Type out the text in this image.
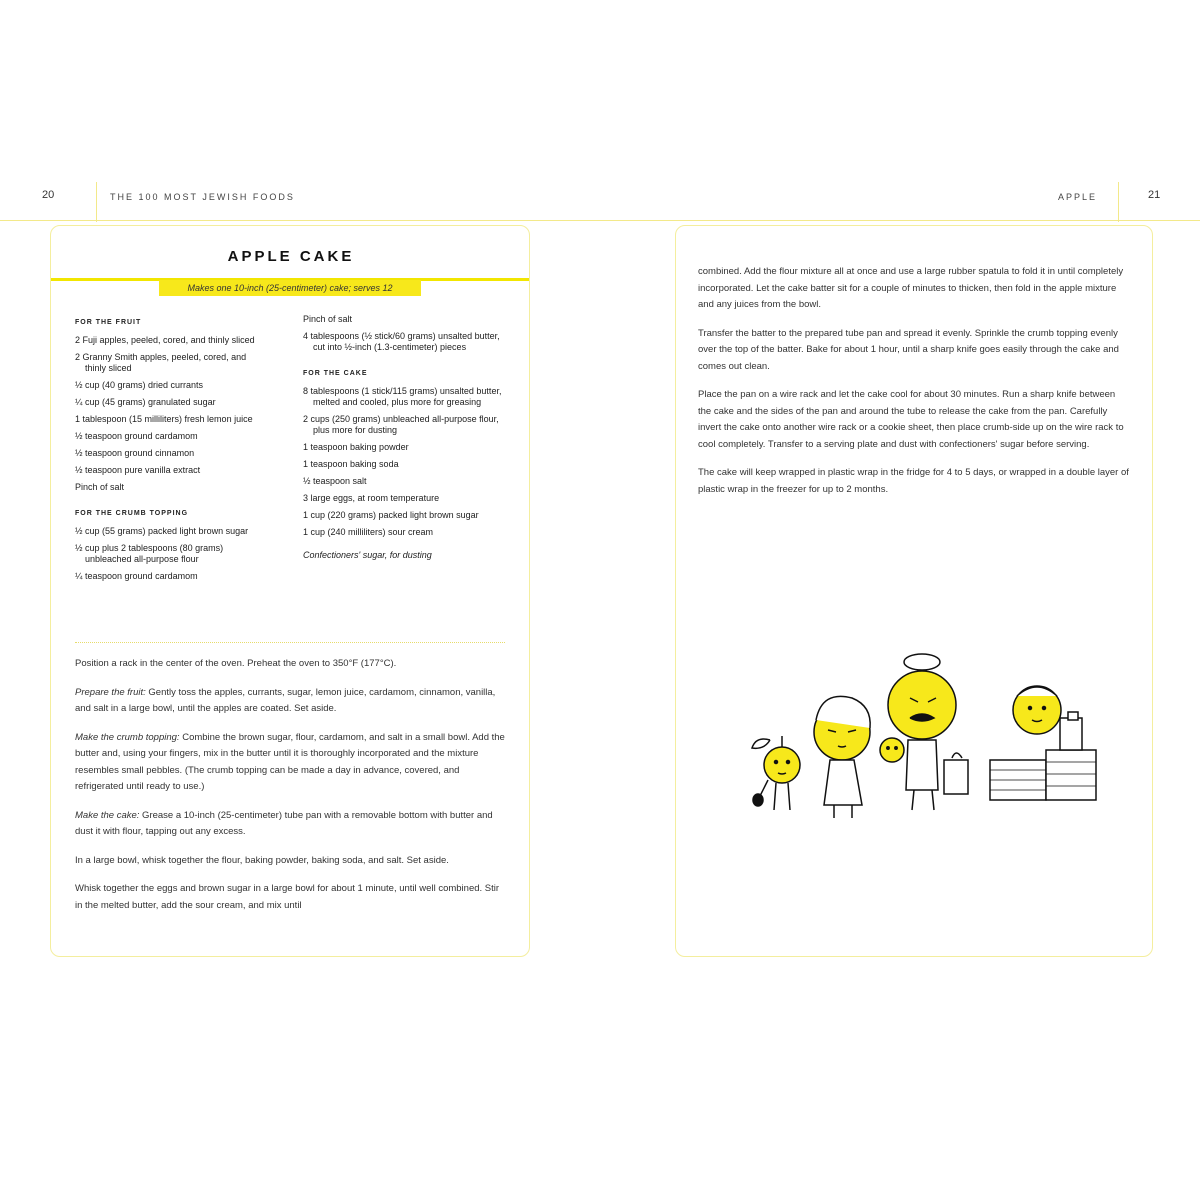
20	THE 100 MOST JEWISH FOODS	APPLE	21
APPLE CAKE
Makes one 10-inch (25-centimeter) cake; serves 12
FOR THE FRUIT
2 Fuji apples, peeled, cored, and thinly sliced
2 Granny Smith apples, peeled, cored, and thinly sliced
½ cup (40 grams) dried currants
¼ cup (45 grams) granulated sugar
1 tablespoon (15 milliliters) fresh lemon juice
½ teaspoon ground cardamom
½ teaspoon ground cinnamon
½ teaspoon pure vanilla extract
Pinch of salt
FOR THE CRUMB TOPPING
½ cup (55 grams) packed light brown sugar
½ cup plus 2 tablespoons (80 grams) unbleached all-purpose flour
¼ teaspoon ground cardamom
Pinch of salt
4 tablespoons (½ stick/60 grams) unsalted butter, cut into ½-inch (1.3-centimeter) pieces
FOR THE CAKE
8 tablespoons (1 stick/115 grams) unsalted butter, melted and cooled, plus more for greasing
2 cups (250 grams) unbleached all-purpose flour, plus more for dusting
1 teaspoon baking powder
1 teaspoon baking soda
½ teaspoon salt
3 large eggs, at room temperature
1 cup (220 grams) packed light brown sugar
1 cup (240 milliliters) sour cream
Confectioners' sugar, for dusting

Position a rack in the center of the oven. Preheat the oven to 350°F (177°C).

Prepare the fruit: Gently toss the apples, currants, sugar, lemon juice, cardamom, cinnamon, vanilla, and salt in a large bowl, until the apples are coated. Set aside.

Make the crumb topping: Combine the brown sugar, flour, cardamom, and salt in a small bowl. Add the butter and, using your fingers, mix in the butter until it is thoroughly incorporated and the mixture resembles small pebbles. (The crumb topping can be made a day in advance, covered, and refrigerated until ready to use.)

Make the cake: Grease a 10-inch (25-centimeter) tube pan with a removable bottom with butter and dust it with flour, tapping out any excess.

In a large bowl, whisk together the flour, baking powder, baking soda, and salt. Set aside.

Whisk together the eggs and brown sugar in a large bowl for about 1 minute, until well combined. Stir in the melted butter, add the sour cream, and mix until

combined. Add the flour mixture all at once and use a large rubber spatula to fold it in until completely incorporated. Let the cake batter sit for a couple of minutes to thicken, then fold in the apple mixture and any juices from the bowl.

Transfer the batter to the prepared tube pan and spread it evenly. Sprinkle the crumb topping evenly over the top of the batter. Bake for about 1 hour, until a sharp knife goes easily through the cake and comes out clean.

Place the pan on a wire rack and let the cake cool for about 30 minutes. Run a sharp knife between the cake and the sides of the pan and around the tube to release the cake from the pan. Carefully invert the cake onto another wire rack or a cookie sheet, then place crumb-side up on the wire rack to cool completely. Transfer to a serving plate and dust with confectioners' sugar before serving.

The cake will keep wrapped in plastic wrap in the fridge for 4 to 5 days, or wrapped in a double layer of plastic wrap in the freezer for up to 2 months.
